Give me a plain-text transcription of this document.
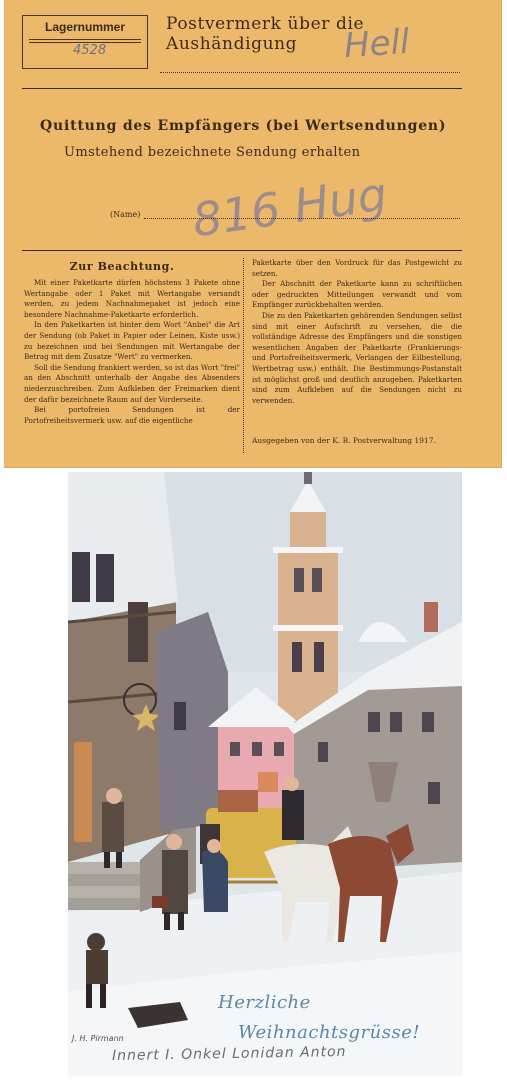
Lagernummer
4528
Postvermerk über die Aushändigung	Hell
Quittung des Empfängers (bei Wertsendungen)
Umstehend bezeichnete Sendung erhalten
816 Hug
(Name)
Zur Beachtung.

Mit einer Paketkarte dürfen höchstens 3 Pakete ohne Wertangabe oder 1 Paket mit Wertangabe versandt werden, zu jedem Nachnahmepaket ist jedoch eine besondere Nachnahme-Paketkarte erforderlich.

In den Paketkarten ist hinter dem Wort "Anbei" die Art der Sendung (ob Paket in Papier oder Leinen, Kiste usw.) zu bezeichnen und bei Sendungen mit Wertangabe der Betrag mit dem Zusatze "Wert" zu vermerken.

Soll die Sendung frankiert werden, so ist das Wort "frei" an den Abschnitt unterhalb der Angabe des Absenders niederzuschreiben. Zum Aufkleben der Freimarken dient der dafür bezeichnete Raum auf der Vorderseite.

Bei portofreien Sendungen ist der Portofreiheitsvermerk usw. auf die eigentliche

Paketkarte über den Vordruck für das Postgewicht zu setzen.

Der Abschnitt der Paketkarte kann zu schriftlichen oder gedruckten Mitteilungen verwandt und vom Empfänger zurückbehalten werden.

Die zu den Paketkarten gehörenden Sendungen selbst sind mit einer Aufschrift zu versehen, die die vollständige Adresse des Empfängers und die sonstigen wesentlichen Angaben der Paketkarte (Frankierungs- und Portofreiheitsvermerk, Verlangen der Eilbestellung, Wertbetrag usw.) enthält. Die Bestimmungs-Postanstalt ist möglichst groß und deutlich anzugeben. Paketkarten sind zum Aufkleben auf die Sendungen nicht zu verwenden.

Ausgegeben von der K. B. Postverwaltung 1917.
Herzliche
Weihnachtsgrüsse!
J. H. Pirmann
Innert I. Onkel Lonidan Anton
